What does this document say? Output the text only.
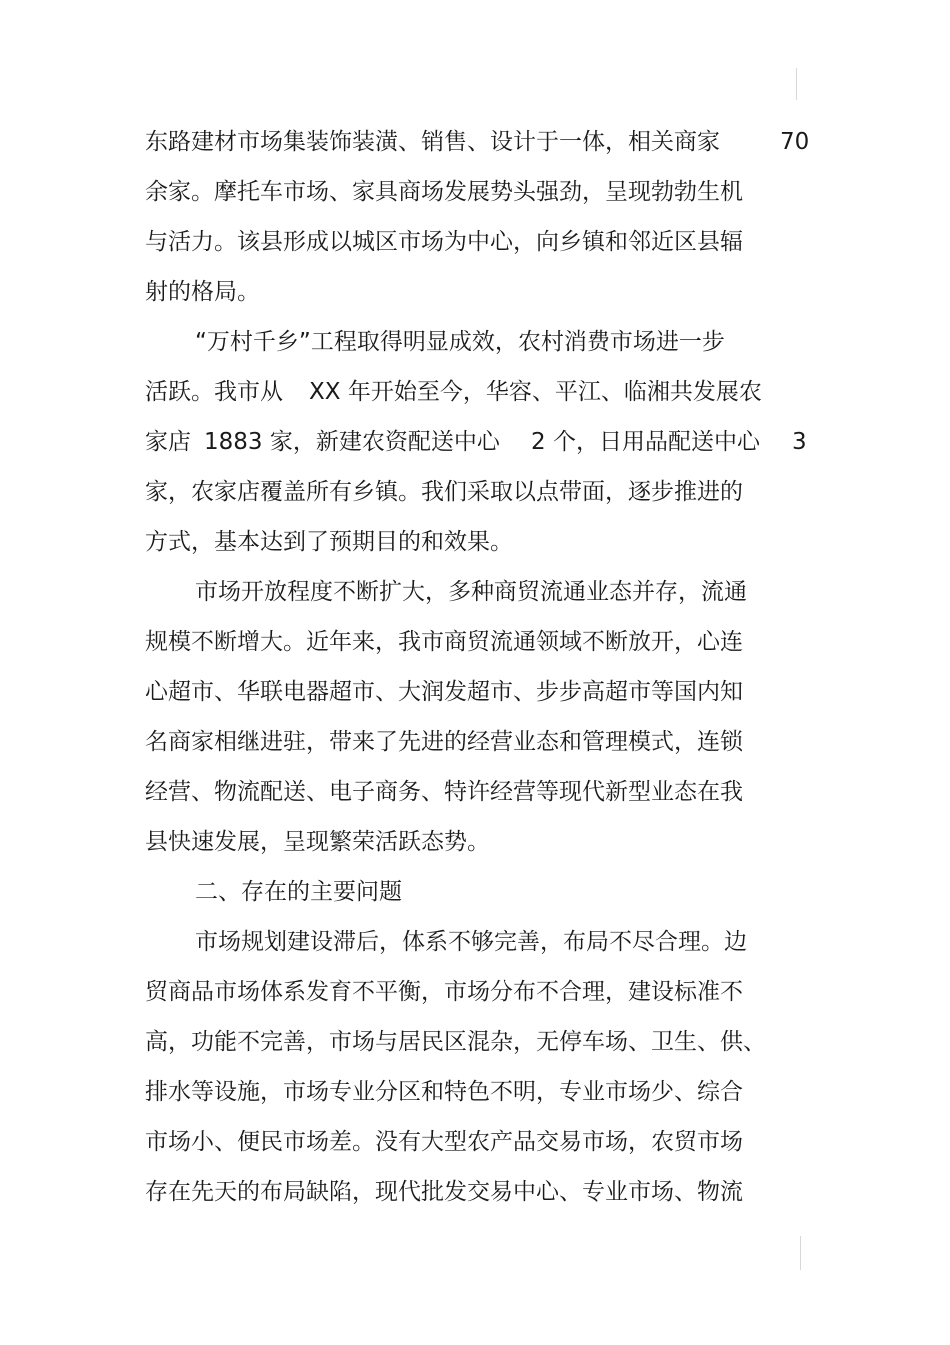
东路建材市场集装饰装潢、销售、设计于一体，相关商家	70
余家。摩托车市场、家具商场发展势头强劲，呈现勃勃生机
与活力。该县形成以城区市场为中心，向乡镇和邻近区县辐
射的格局。
“万村千乡”工程取得明显成效，农村消费市场进一步
活跃。我市从 XX 年开始至今，华容、平江、临湘共发展农
家店 1883 家，新建农资配送中心 2 个，日用品配送中心 3
家，农家店覆盖所有乡镇。我们采取以点带面，逐步推进的
方式，基本达到了预期目的和效果。
市场开放程度不断扩大，多种商贸流通业态并存，流通
规模不断增大。近年来，我市商贸流通领域不断放开，心连
心超市、华联电器超市、大润发超市、步步高超市等国内知
名商家相继进驻，带来了先进的经营业态和管理模式，连锁
经营、物流配送、电子商务、特许经营等现代新型业态在我
县快速发展，呈现繁荣活跃态势。
二、存在的主要问题
市场规划建设滞后，体系不够完善，布局不尽合理。边
贸商品市场体系发育不平衡，市场分布不合理，建设标准不
高，功能不完善，市场与居民区混杂，无停车场、卫生、供、
排水等设施，市场专业分区和特色不明，专业市场少、综合
市场小、便民市场差。没有大型农产品交易市场，农贸市场
存在先天的布局缺陷，现代批发交易中心、专业市场、物流
